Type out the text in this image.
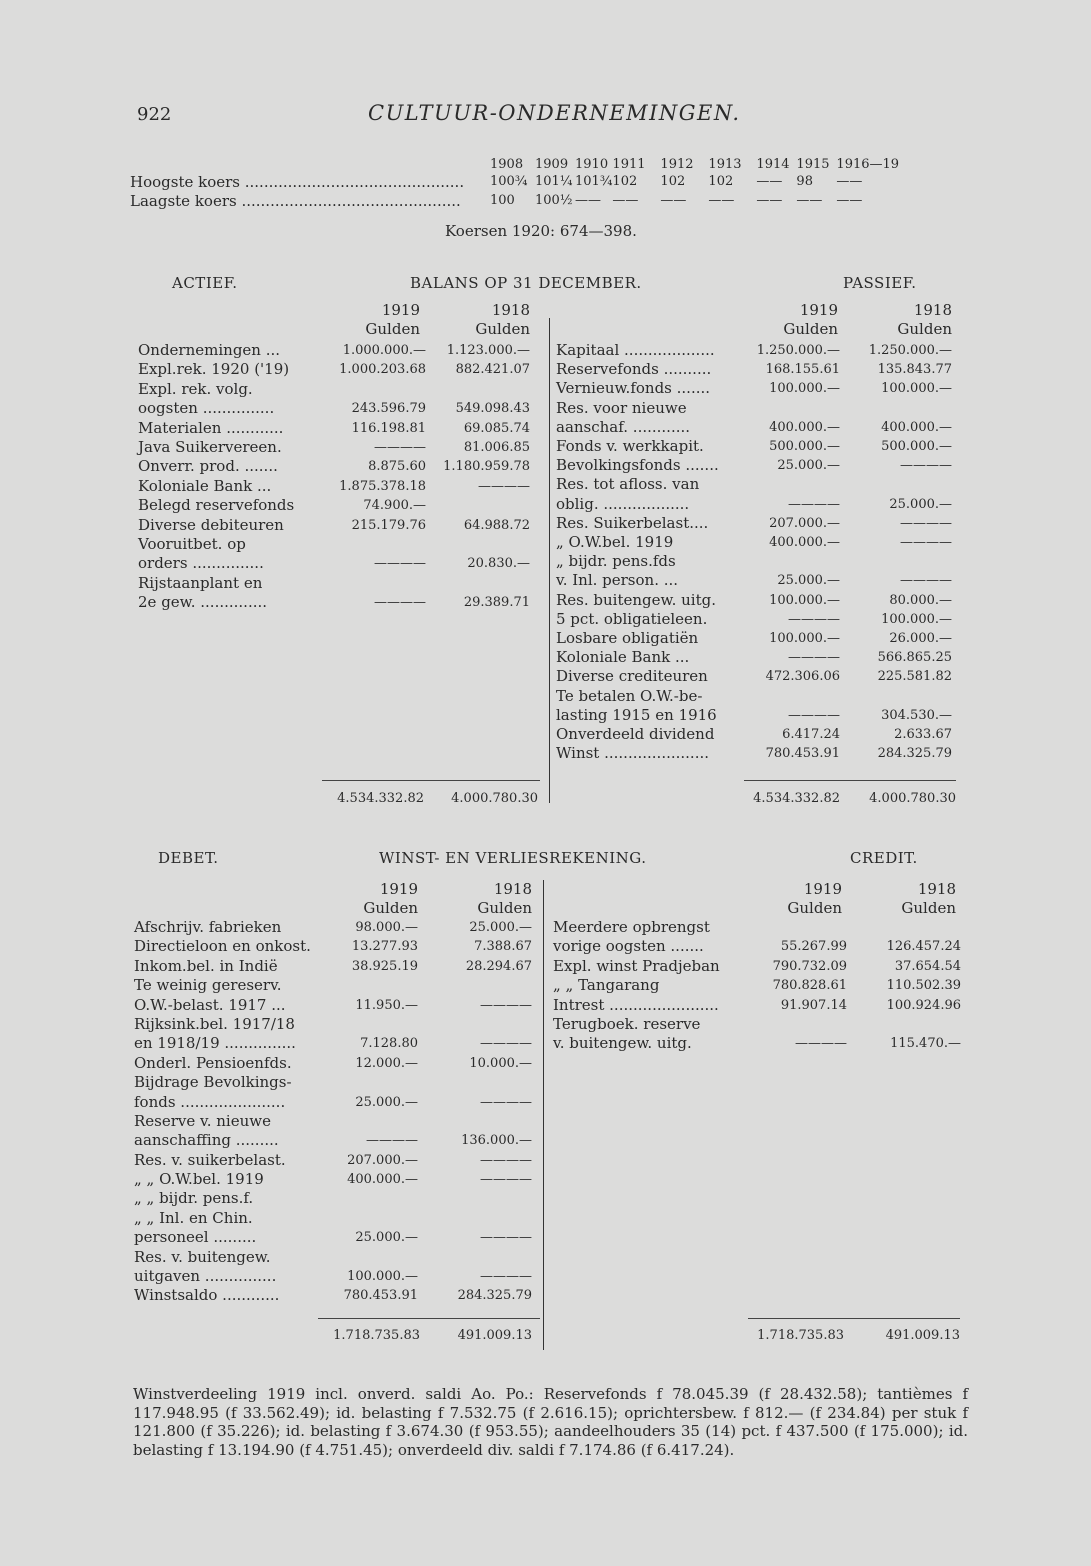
922	CULTUUR-ONDERNEMINGEN.
	1908	1909	1910	1911	1912	1913	1914	1915	1916—19
Hoogste koers ..............................................	100¾	101¼	101¾	102	102	102	——	98	——
Laagste koers ..............................................	100	100½	——	——	——	——	——	——	——
Koersen 1920: 674—398.
ACTIEF.	BALANS OP 31 DECEMBER.	PASSIEF.
1919
Gulden
1918
Gulden
1919
Gulden
1918
Gulden
Ondernemingen ...	1.000.000.—	1.123.000.—
Expl.rek. 1920 ('19)	1.000.203.68	882.421.07
Expl. rek. volg.		
oogsten ...............	243.596.79	549.098.43
Materialen ............	116.198.81	69.085.74
Java Suikervereen.	————	81.006.85
Onverr. prod. .......	8.875.60	1.180.959.78
Koloniale Bank ...	1.875.378.18	————
Belegd reservefonds	74.900.—	
Diverse debiteuren	215.179.76	64.988.72
Vooruitbet. op		
orders ...............	————	20.830.—
Rijstaanplant en		
2e gew. ..............	————	29.389.71
Kapitaal ...................	1.250.000.—	1.250.000.—
Reservefonds ..........	168.155.61	135.843.77
Vernieuw.fonds .......	100.000.—	100.000.—
Res. voor nieuwe		
aanschaf. ............	400.000.—	400.000.—
Fonds v. werkkapit.	500.000.—	500.000.—
Bevolkingsfonds .......	25.000.—	————
Res. tot afloss. van		
oblig. ..................	————	25.000.—
Res. Suikerbelast....	207.000.—	————
„ O.W.bel. 1919	400.000.—	————
„ bijdr. pens.fds		
v. Inl. person. ...	25.000.—	————
Res. buitengew. uitg.	100.000.—	80.000.—
5 pct. obligatieleen.	————	100.000.—
Losbare obligatiën	100.000.—	26.000.—
Koloniale Bank ...	————	566.865.25
Diverse crediteuren	472.306.06	225.581.82
Te betalen O.W.-be-		
lasting 1915 en 1916	————	304.530.—
Onverdeeld dividend	6.417.24	2.633.67
Winst ......................	780.453.91	284.325.79
4.534.332.82	4.000.780.30	4.534.332.82	4.000.780.30
DEBET.	WINST- EN VERLIESREKENING.	CREDIT.
1919
Gulden
1918
Gulden
1919
Gulden
1918
Gulden
Afschrijv. fabrieken	98.000.—	25.000.—
Directieloon en onkost.	13.277.93	7.388.67
Inkom.bel. in Indië	38.925.19	28.294.67
Te weinig gereserv.		
O.W.-belast. 1917 ...	11.950.—	————
Rijksink.bel. 1917/18		
en 1918/19 ...............	7.128.80	————
Onderl. Pensioenfds.	12.000.—	10.000.—
Bijdrage Bevolkings-		
fonds ......................	25.000.—	————
Reserve v. nieuwe		
aanschaffing .........	————	136.000.—
Res. v. suikerbelast.	207.000.—	————
„ „ O.W.bel. 1919	400.000.—	————
„ „ bijdr. pens.f.		
„ „ Inl. en Chin.		
personeel .........	25.000.—	————
Res. v. buitengew.		
uitgaven ...............	100.000.—	————
Winstsaldo ............	780.453.91	284.325.79
Meerdere opbrengst		
vorige oogsten .......	55.267.99	126.457.24
Expl. winst Pradjeban	790.732.09	37.654.54
„ „ Tangarang	780.828.61	110.502.39
Intrest .......................	91.907.14	100.924.96
Terugboek. reserve		
v. buitengew. uitg.	————	115.470.—
1.718.735.83	491.009.13	1.718.735.83	491.009.13
Winstverdeeling 1919 incl. onverd. saldi Ao. Po.: Reservefonds f 78.045.39 (f 28.432.58); tantièmes f 117.948.95 (f 33.562.49); id. belasting f 7.532.75 (f 2.616.15); oprichtersbew. f 812.— (f 234.84) per stuk f 121.800 (f 35.226); id. belasting f 3.674.30 (f 953.55); aandeelhouders 35 (14) pct. f 437.500 (f 175.000); id. belasting f 13.194.90 (f 4.751.45); onverdeeld div. saldi f 7.174.86 (f 6.417.24).
